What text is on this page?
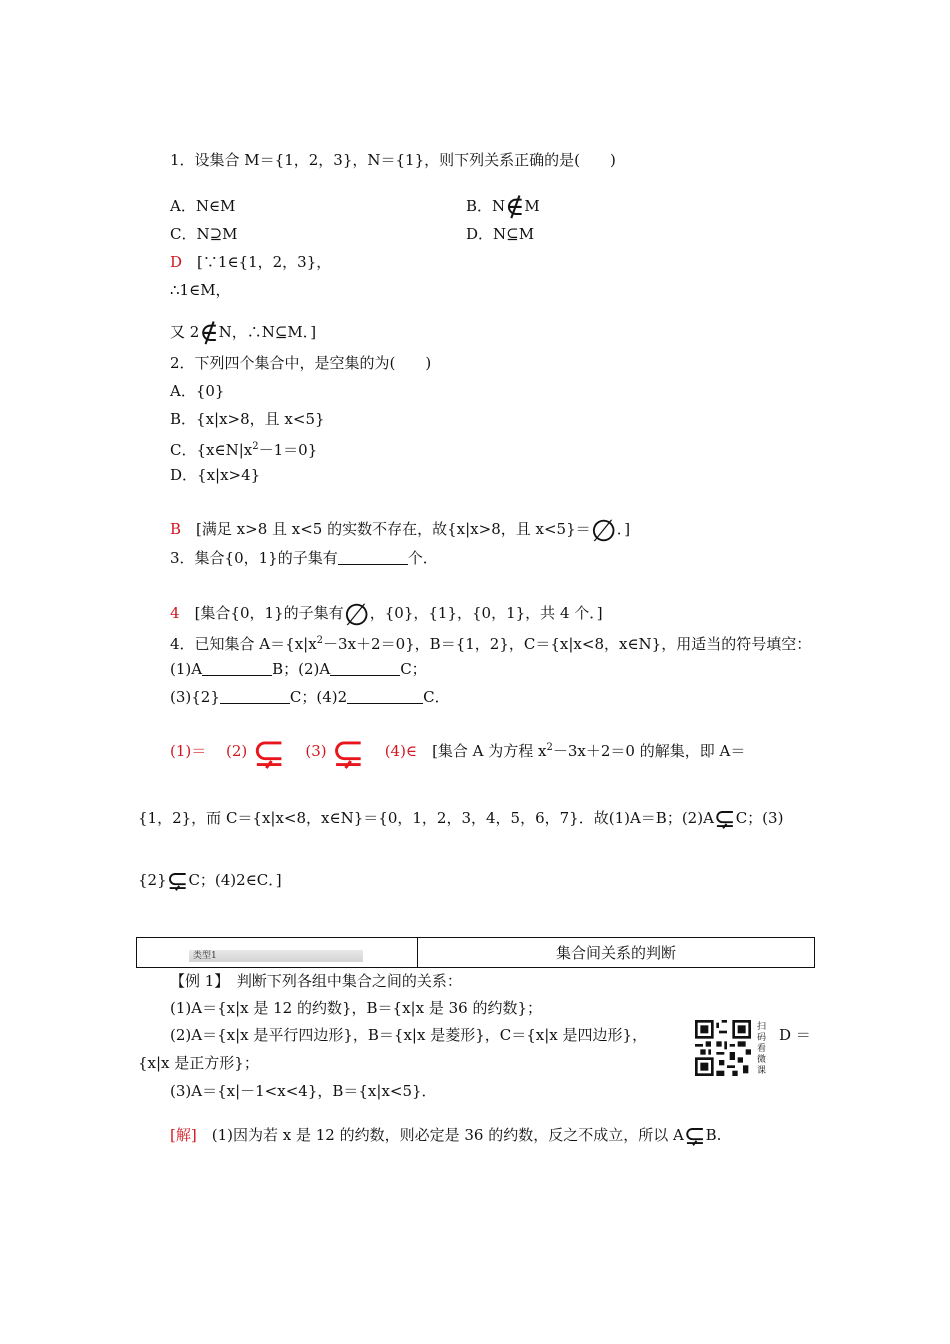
1．设集合 M＝{1，2，3}，N＝{1}，则下列关系正确的是(　　)
A．N∈M	B．N∉M
C．N⊇M	D．N⊆M
D　 [∵1∈{1，2，3}，
∴1∈M，
又 2∉N，∴N⊆M．]
2．下列四个集合中，是空集的为(　　)
A．{0}
B．{x|x>8，且 x<5}
C．$\{x\in N|x^2-1=0\}$
D．{x|x>4}
B　 [满足 x>8 且 x<5 的实数不存在，故{x|x>8，且 x<5}＝∅．]
3．集合{0，1}的子集有	个．
4　 [集合{0，1}的子集有∅，{0}，{1}，{0，1}，共 4 个．]
4．已知集合 $A=\{x|x^2-3x+2=0\}$，B＝{1，2}，C＝{x|x<8，x∈N}，用适当的符号填空：
(1)A	B；(2)A	C；
(3){2}	C；(4)2	C．
(1)＝　 (2) ⊊　 (3) ⊊　 (4)∈　 [集合 A 为方程 $x^2-3x+2=0$ 的解集，即 A＝
{1，2}，而 C＝{x|x<8，x∈N}＝{0，1，2，3，4，5，6，7}．故(1)A＝B；(2)A⊊C；(3)
{2}⊊C；(4)2∈C．]
类型1	集合间关系的判断
【例 1】　判断下列各组中集合之间的关系：
(1)A＝{x|x 是 12 的约数}，B＝{x|x 是 36 的约数}；
(2)A＝{x|x 是平行四边形}，B＝{x|x 是菱形}，C＝{x|x 是四边形}，	D ＝
{x|x 是正方形}；
(3)A＝{x|－1<x<4}，B＝{x|x<5}．
扫码看微课
[解]　(1)因为若 x 是 12 的约数，则必定是 36 的约数，反之不成立，所以 A⊊B.
